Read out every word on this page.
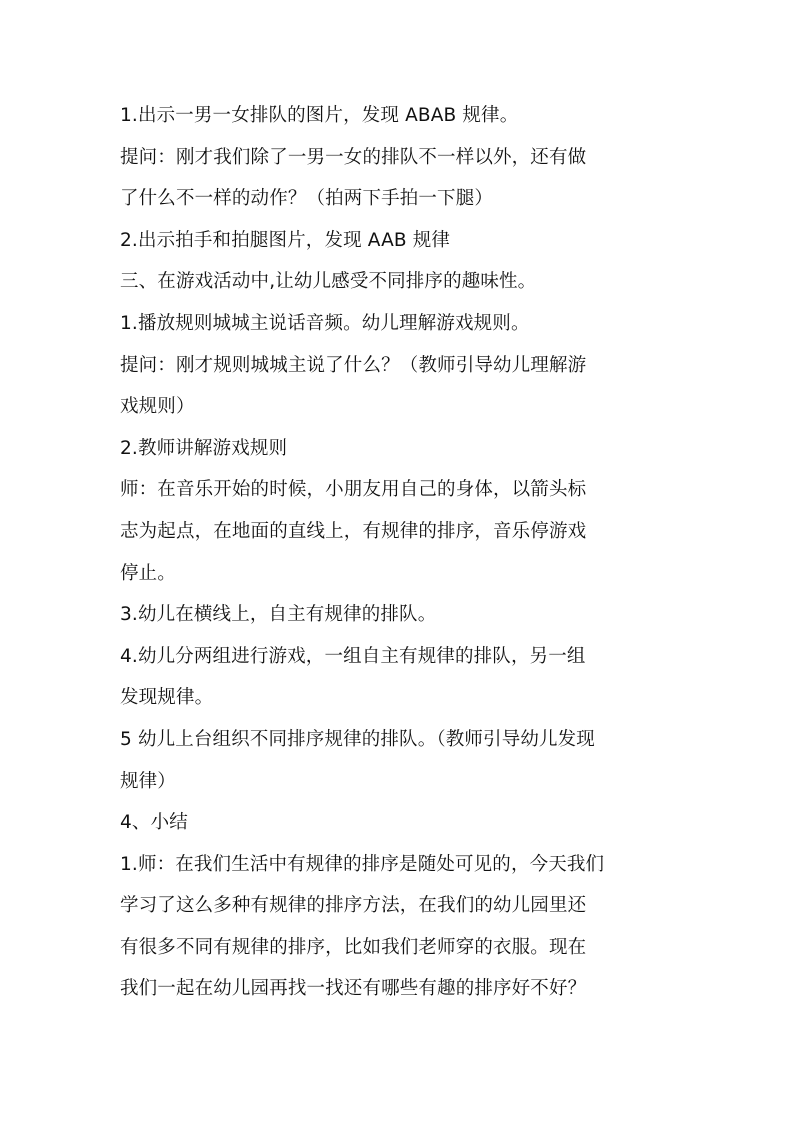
1.出示一男一女排队的图片，发现 ABAB 规律。
提问：刚才我们除了一男一女的排队不一样以外，还有做
了什么不一样的动作？（拍两下手拍一下腿）
2.出示拍手和拍腿图片，发现 AAB 规律
三、在游戏活动中,让幼儿感受不同排序的趣味性。
1.播放规则城城主说话音频。幼儿理解游戏规则。
提问：刚才规则城城主说了什么？（教师引导幼儿理解游
戏规则）
2.教师讲解游戏规则
师：在音乐开始的时候，小朋友用自己的身体，以箭头标
志为起点，在地面的直线上，有规律的排序，音乐停游戏
停止。
3.幼儿在横线上，自主有规律的排队。
4.幼儿分两组进行游戏，一组自主有规律的排队，另一组
发现规律。
5 幼儿上台组织不同排序规律的排队。（教师引导幼儿发现
规律）
4、小结
1.师：在我们生活中有规律的排序是随处可见的，今天我们
学习了这么多种有规律的排序方法，在我们的幼儿园里还
有很多不同有规律的排序，比如我们老师穿的衣服。现在
我们一起在幼儿园再找一找还有哪些有趣的排序好不好？
